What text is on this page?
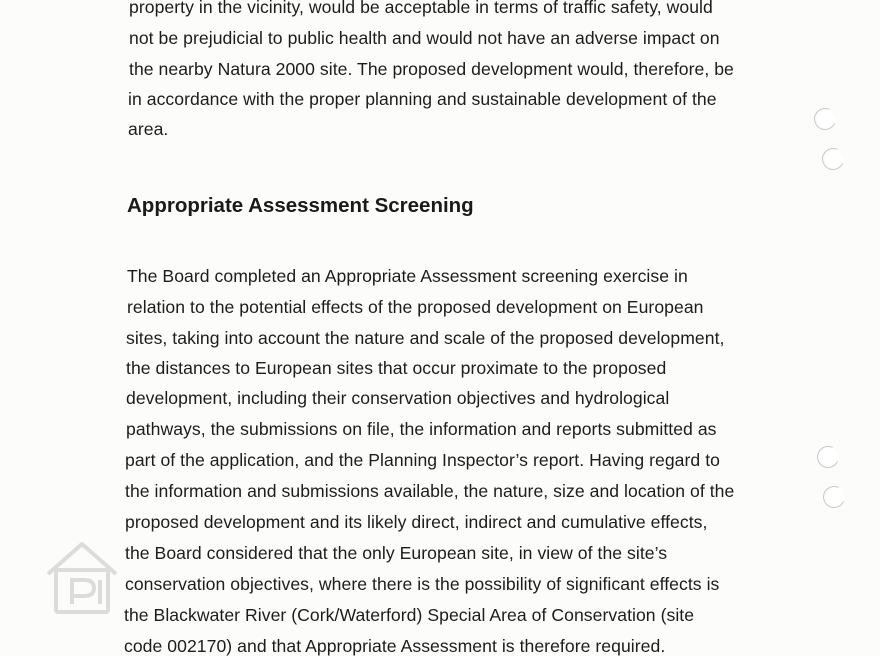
property in the vicinity, would be acceptable in terms of traffic safety, would
not be prejudicial to public health and would not have an adverse impact on
the nearby Natura 2000 site. The proposed development would, therefore, be
in accordance with the proper planning and sustainable development of the
area.
Appropriate Assessment Screening
The Board completed an Appropriate Assessment screening exercise in
relation to the potential effects of the proposed development on European
sites, taking into account the nature and scale of the proposed development,
the distances to European sites that occur proximate to the proposed
development, including their conservation objectives and hydrological
pathways, the submissions on file, the information and reports submitted as
part of the application, and the Planning Inspector’s report. Having regard to
the information and submissions available, the nature, size and location of the
proposed development and its likely direct, indirect and cumulative effects,
the Board considered that the only European site, in view of the site’s
conservation objectives, where there is the possibility of significant effects is
the Blackwater River (Cork/Waterford) Special Area of Conservation (site
code 002170) and that Appropriate Assessment is therefore required.
